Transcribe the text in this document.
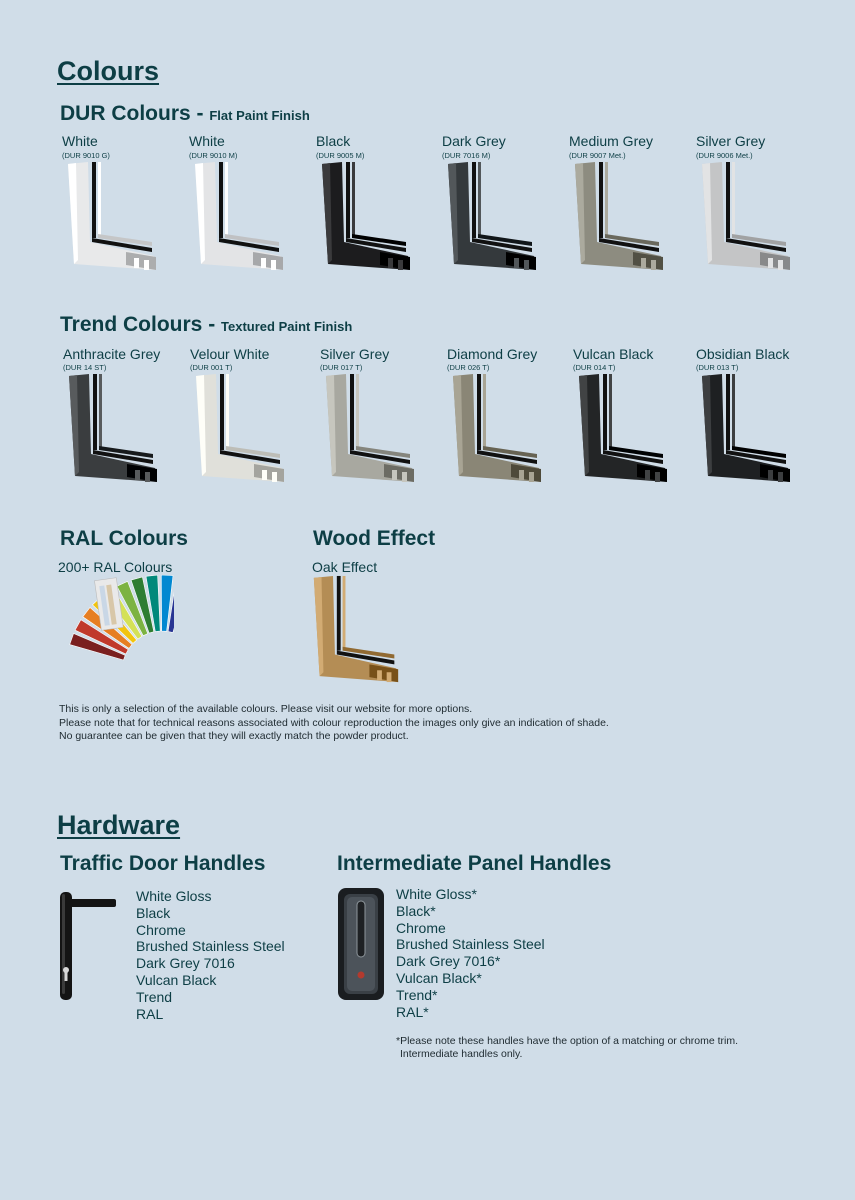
Colours
DUR Colours - Flat Paint Finish
White
(DUR 9010 G)
White
(DUR 9010 M)
Black
(DUR 9005 M)
Dark Grey
(DUR 7016 M)
Medium Grey
(DUR 9007 Met.)
Silver Grey
(DUR 9006 Met.)
Trend Colours - Textured Paint Finish
Anthracite Grey
(DUR 14 ST)
Velour White
(DUR 001 T)
Silver Grey
(DUR 017 T)
Diamond Grey
(DUR 026 T)
Vulcan Black
(DUR 014 T)
Obsidian Black
(DUR 013 T)
RAL Colours
200+ RAL Colours
Wood Effect
Oak Effect
This is only a selection of the available colours. Please visit our website for more options.
Please note that for technical reasons associated with colour reproduction the images only give an indication of shade.
No guarantee can be given that they will exactly match the powder product.
Hardware
Traffic Door Handles
White Gloss
Black
Chrome
Brushed Stainless Steel
Dark Grey 7016
Vulcan Black
Trend
RAL
Intermediate Panel Handles
White Gloss*
Black*
Chrome
Brushed Stainless Steel
Dark Grey 7016*
Vulcan Black*
Trend*
RAL*
*Please note these handles have the option of a matching or chrome trim.
Intermediate handles only.
